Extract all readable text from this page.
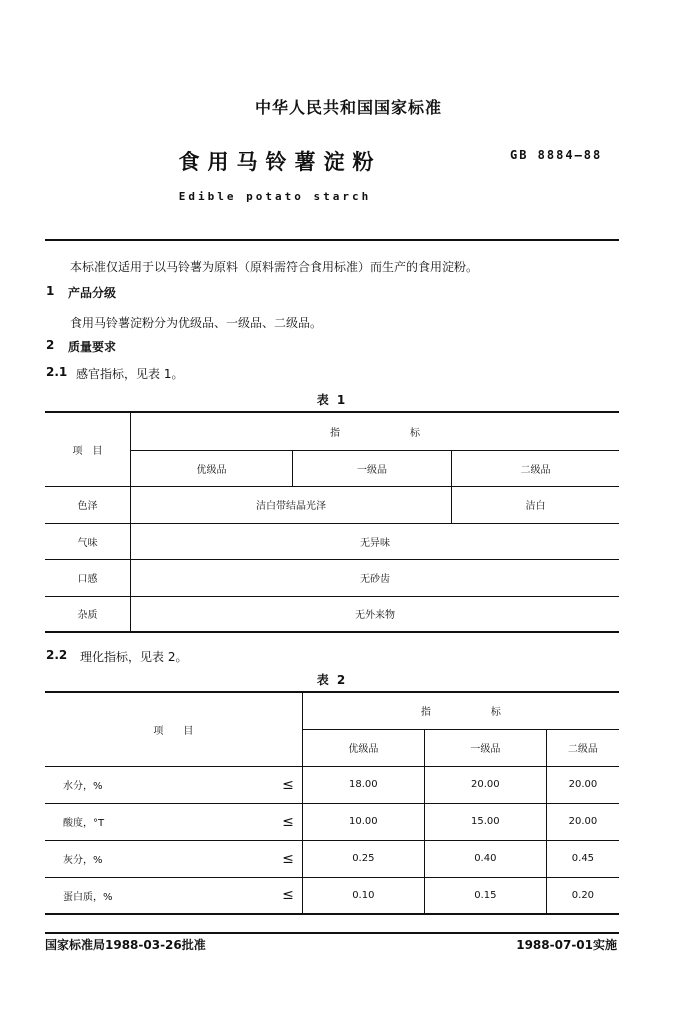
中华人民共和国国家标准
食用马铃薯淀粉	GB 8884—88
Edible potato starch
本标准仅适用于以马铃薯为原料（原料需符合食用标准）而生产的食用淀粉。
1 产品分级
食用马铃薯淀粉分为优级品、一级品、二级品。
2 质量要求
2.1 感官指标，见表 1。
表 1
项　目	指　　　　　　　标		
	优级品	一级品	二级品
色泽	洁白带结晶光泽		洁白
气味	无异味		
口感	无砂齿		
杂质	无外来物		
2.2 理化指标，见表 2。
表 2
项　　目		指　　　　　　标		
		优级品	一级品	二级品
水分，%	≤	18.00	20.00	20.00
酸度，°T	≤	10.00	15.00	20.00
灰分，%	≤	0.25	0.40	0.45
蛋白质，%	≤	0.10	0.15	0.20
国家标准局1988-03-26批准	1988-07-01实施
